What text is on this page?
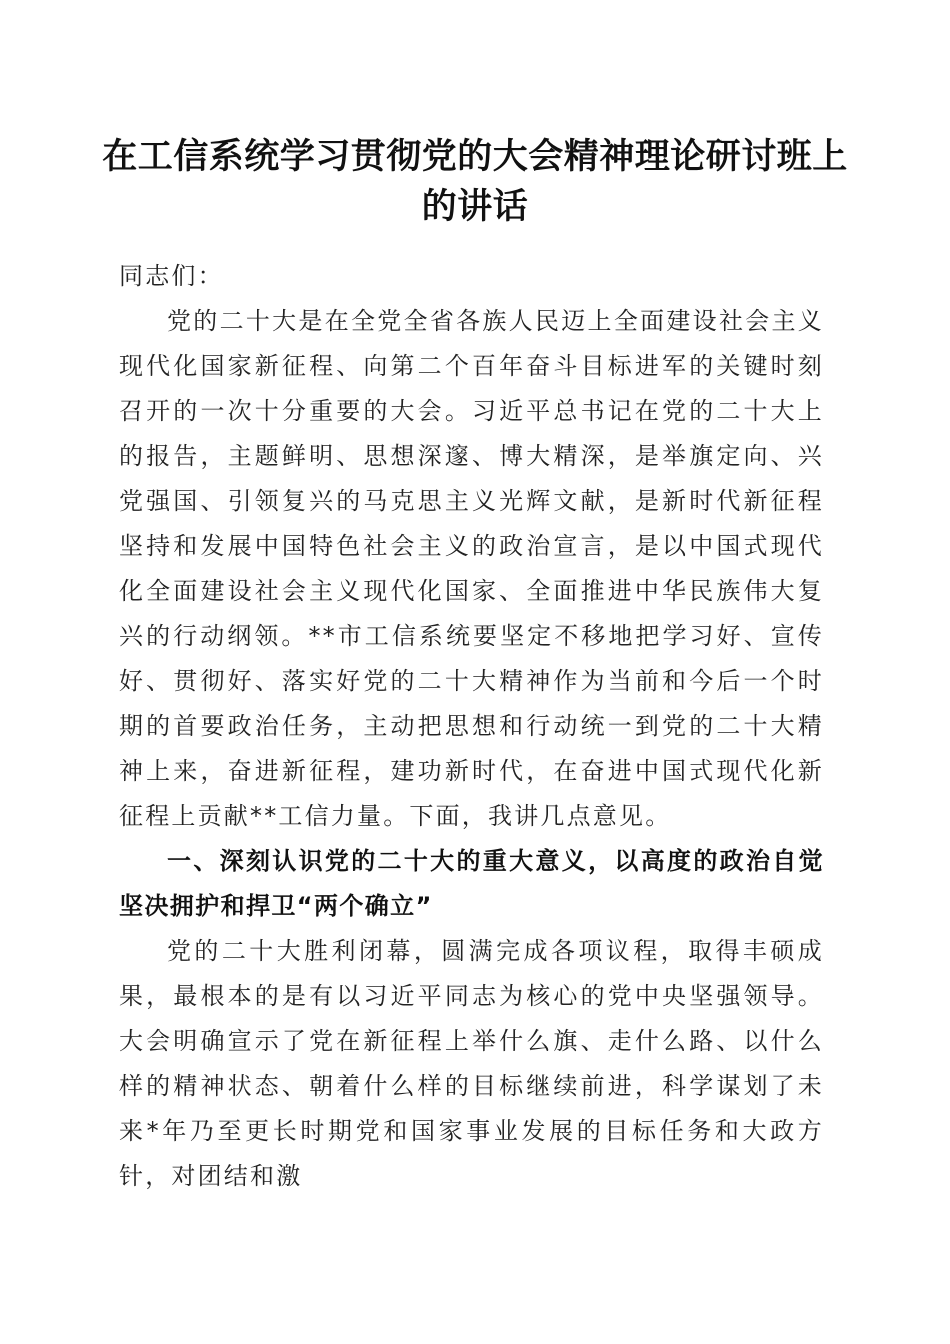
在工信系统学习贯彻党的大会精神理论研讨班上的讲话

同志们：

党的二十大是在全党全省各族人民迈上全面建设社会主义现代化国家新征程、向第二个百年奋斗目标进军的关键时刻召开的一次十分重要的大会。习近平总书记在党的二十大上的报告，主题鲜明、思想深邃、博大精深，是举旗定向、兴党强国、引领复兴的马克思主义光辉文献，是新时代新征程坚持和发展中国特色社会主义的政治宣言，是以中国式现代化全面建设社会主义现代化国家、全面推进中华民族伟大复兴的行动纲领。**市工信系统要坚定不移地把学习好、宣传好、贯彻好、落实好党的二十大精神作为当前和今后一个时期的首要政治任务，主动把思想和行动统一到党的二十大精神上来，奋进新征程，建功新时代，在奋进中国式现代化新征程上贡献**工信力量。下面，我讲几点意见。

一、深刻认识党的二十大的重大意义，以高度的政治自觉坚决拥护和捍卫“两个确立”

党的二十大胜利闭幕，圆满完成各项议程，取得丰硕成果，最根本的是有以习近平同志为核心的党中央坚强领导。大会明确宣示了党在新征程上举什么旗、走什么路、以什么样的精神状态、朝着什么样的目标继续前进，科学谋划了未来*年乃至更长时期党和国家事业发展的目标任务和大政方针，对团结和激
